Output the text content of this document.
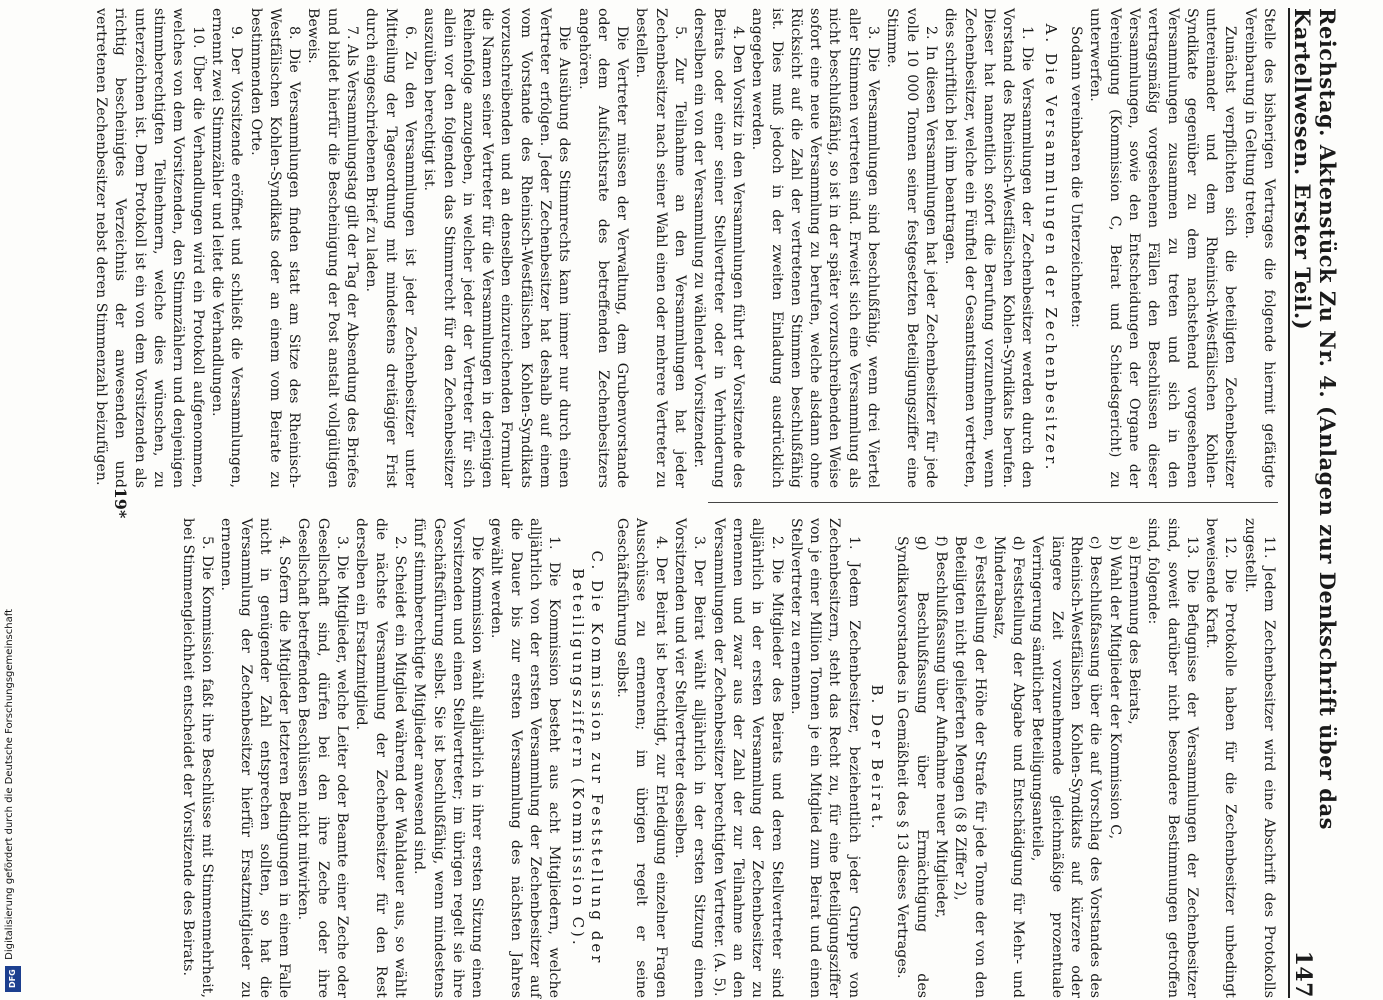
Reichstag. Aktenstück Zu Nr. 4. (Anlagen zur Denkschrift über das Kartellwesen. Erster Teil.)
147

Stelle des bisherigen Vertrages die folgende hiermit gefätigte Vereinbarung in Geltung treten.

Zunächst verpflichten sich die beteiligten Zechenbesitzer untereinander und dem Rheinisch-Westfälischen Kohlen-Syndikate gegenüber zu dem nachstehend vorgesehenen Versammlungen zusammen zu treten und sich in den vertragsmäßig vorgesehenen Fällen den Beschlüssen dieser Versammlungen, sowie den Entscheidungen der Organe der Vereinigung (Kommission C, Beirat und Schiedsgericht) zu unterwerfen.

Sodann vereinbaren die Unterzeichneten:

A. Die Versammlungen der Zechenbesitzer.

1. Die Versammlungen der Zechenbesitzer werden durch den Vorstand des Rheinisch-Westfälischen Kohlen-Syndikats berufen. Dieser hat namentlich sofort die Berufung vorzunehmen, wenn Zechenbesitzer, welche ein Fünftel der Gesamtstimmen vertreten, dies schriftlich bei ihm beantragen.

2. In diesen Versammlungen hat jeder Zechenbesitzer für jede volle 10 000 Tonnen seiner festgesetzten Beteiligungsziffer eine Stimme.

3. Die Versammlungen sind beschlußfähig, wenn drei Viertel aller Stimmen vertreten sind. Erweist sich eine Versammlung als nicht beschlußfähig, so ist in der später vorzuschreibenden Weise sofort eine neue Versammlung zu berufen, welche alsdann ohne Rücksicht auf die Zahl der vertretenen Stimmen beschlußfähig ist. Dies muß jedoch in der zweiten Einladung ausdrücklich angegeben werden.

4. Den Vorsitz in den Versammlungen führt der Vorsitzende des Beirats oder einer seiner Stellvertreter oder in Verhinderung derselben ein von der Versammlung zu wählender Vorsitzender.

5. Zur Teilnahme an den Versammlungen hat jeder Zechenbesitzer nach seiner Wahl einen oder mehrere Vertreter zu bestellen.

Die Vertreter müssen der Verwaltung, dem Grubenvorstande oder dem Aufsichtsrate des betreffenden Zechenbesitzers angehören.

Die Ausübung des Stimmrechts kann immer nur durch einen Vertreter erfolgen. Jeder Zechenbesitzer hat deshalb auf einem vom Vorstande des Rheinisch-Westfälischen Kohlen-Syndikats vorzuschreibenden und an denselben einzureichenden Formular die Namen seiner Vertreter für die Versammlungen in derjenigen Reihenfolge anzugeben, in welcher jeder der Vertreter für sich allein vor den folgenden das Stimmrecht für den Zechenbesitzer auszuüben berechtigt ist.

6. Zu den Versammlungen ist jeder Zechenbesitzer unter Mitteilung der Tagesordnung mit mindestens dreitägiger Frist durch eingeschriebenen Brief zu laden.

7. Als Versammlungstag gilt der Tag der Absendung des Briefes und bildet hierfür die Bescheinigung der Post anstalt vollgültigen Beweis.

8. Die Versammlungen finden statt am Sitze des Rheinisch-Westfälischen Kohlen-Syndikats oder an einem vom Beirate zu bestimmenden Orte.

9. Der Vorsitzende eröffnet und schließt die Versammlungen, ernennt zwei Stimmzähler und leitet die Verhandlungen.

10. Über die Verhandlungen wird ein Protokoll aufgenommen, welches von dem Vorsitzenden, den Stimmzählern und denjenigen stimmberechtigten Teilnehmern, welche dies wünschen, zu unterzeichnen ist. Dem Protokoll ist ein von dem Vorsitzenden als richtig bescheinigtes Verzeichnis der anwesenden und vertretenen Zechenbesitzer nebst deren Stimmenzahl beizufügen.

11. Jedem Zechenbesitzer wird eine Abschrift des Protokolls zugestellt.

12. Die Protokolle haben für die Zechenbesitzer unbedingt beweisende Kraft.

13. Die Befugnisse der Versammlungen der Zechenbesitzer sind, soweit darüber nicht besondere Bestimmungen getroffen sind, folgende:

a) Ernennung des Beirats,

b) Wahl der Mitglieder der Kommission C,

c) Beschlußfassung über die auf Vorschlag des Vorstandes des Rheinisch-Westfälischen Kohlen-Syndikats auf kürzere oder längere Zeit vorzunehmende gleichmäßige prozentuale Verringerung sämtlicher Beteiligungsanteile,

d) Feststellung der Abgabe und Entschädigung für Mehr- und Minderabsatz,

e) Feststellung der Höhe der Strafe für jede Tonne der von den Beteiligten nicht gelieferten Mengen (§ 8 Ziffer 2),

f) Beschlußfassung über Aufnahme neuer Mitglieder,

g) Beschlußfassung über Ermächtigung des Syndikatsvorstandes in Gemäßheit des § 13 dieses Vertrages.

B. Der Beirat.

1. Jedem Zechenbesitzer, beziehentlich jeder Gruppe von Zechenbesitzern, steht das Recht zu, für eine Beteiligungsziffer von je einer Million Tonnen je ein Mitglied zum Beirat und einen Stellvertreter zu ernennen.

2. Die Mitglieder des Beirats und deren Stellvertreter sind alljährlich in der ersten Versammlung der Zechenbesitzer zu ernennen und zwar aus der Zahl der zur Teilnahme an den Versammlungen der Zechenbesitzer berechtigten Vertreter. (A. 5).

3. Der Beirat wählt alljährlich in der ersten Sitzung einen Vorsitzenden und vier Stellvertreter desselben.

4. Der Beirat ist berechtigt, zur Erledigung einzelner Fragen Ausschüsse zu ernennen; im übrigen regelt er seine Geschäftsführung selbst.

C. Die Kommission zur Feststellung der Beteiligungsziffern (Kommission C).

1. Die Kommission besteht aus acht Mitgliedern, welche alljährlich von der ersten Versammlung der Zechenbesitzer auf die Dauer bis zur ersten Versammlung des nächsten Jahres gewählt werden.

Die Kommission wählt alljährlich in ihrer ersten Sitzung einen Vorsitzenden und einen Stellvertreter; im übrigen regelt sie ihre Geschäftsführung selbst. Sie ist beschlußfähig, wenn mindestens fünf stimmberechtigte Mitglieder anwesend sind.

2. Scheidet ein Mitglied während der Wahldauer aus, so wählt die nächste Versammlung der Zechenbesitzer für den Rest derselben ein Ersatzmitglied.

3. Die Mitglieder, welche Leiter oder Beamte einer Zeche oder Gesellschaft sind, dürfen bei den ihre Zeche oder ihre Gesellschaft betreffenden Beschlüssen nicht mitwirken.

4. Sofern die Mitglieder letzteren Bedingungen in einem Falle nicht in genügender Zahl entsprechen sollten, so hat die Versammlung der Zechenbesitzer hierfür Ersatzmitglieder zu ernennen.

5. Die Kommission faßt ihre Beschlüsse mit Stimmenmehrheit, bei Stimmengleichheit entscheidet der Vorsitzende des Beirats.

19*
Digitalisierung gefördert durch die Deutsche Forschungsgemeinschaft
DFG
